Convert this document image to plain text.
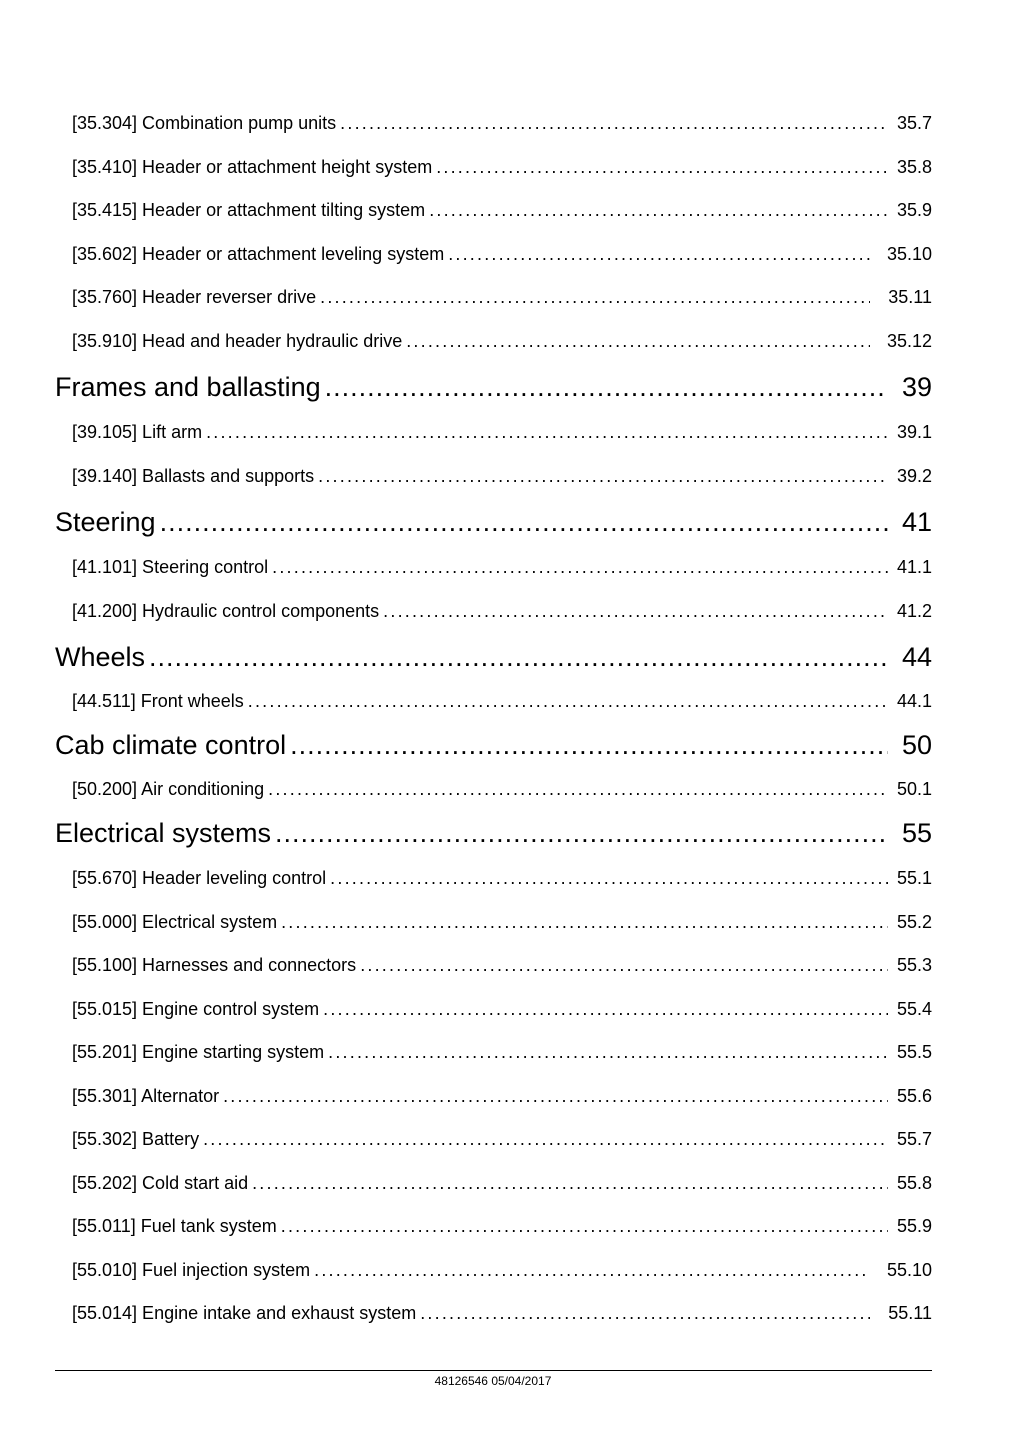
[35.304] Combination pump units .....	35.7
[35.410] Header or attachment height system .....	35.8
[35.415] Header or attachment tilting system .....	35.9
[35.602] Header or attachment leveling system .....	35.10
[35.760] Header reverser drive .....	35.11
[35.910] Head and header hydraulic drive .....	35.12
Frames and ballasting .....	39
[39.105] Lift arm .....	39.1
[39.140] Ballasts and supports .....	39.2
Steering .....	41
[41.101] Steering control .....	41.1
[41.200] Hydraulic control components .....	41.2
Wheels .....	44
[44.511] Front wheels .....	44.1
Cab climate control .....	50
[50.200] Air conditioning .....	50.1
Electrical systems .....	55
[55.670] Header leveling control .....	55.1
[55.000] Electrical system .....	55.2
[55.100] Harnesses and connectors .....	55.3
[55.015] Engine control system .....	55.4
[55.201] Engine starting system .....	55.5
[55.301] Alternator .....	55.6
[55.302] Battery .....	55.7
[55.202] Cold start aid .....	55.8
[55.011] Fuel tank system .....	55.9
[55.010] Fuel injection system .....	55.10
[55.014] Engine intake and exhaust system .....	55.11
48126546 05/04/2017
